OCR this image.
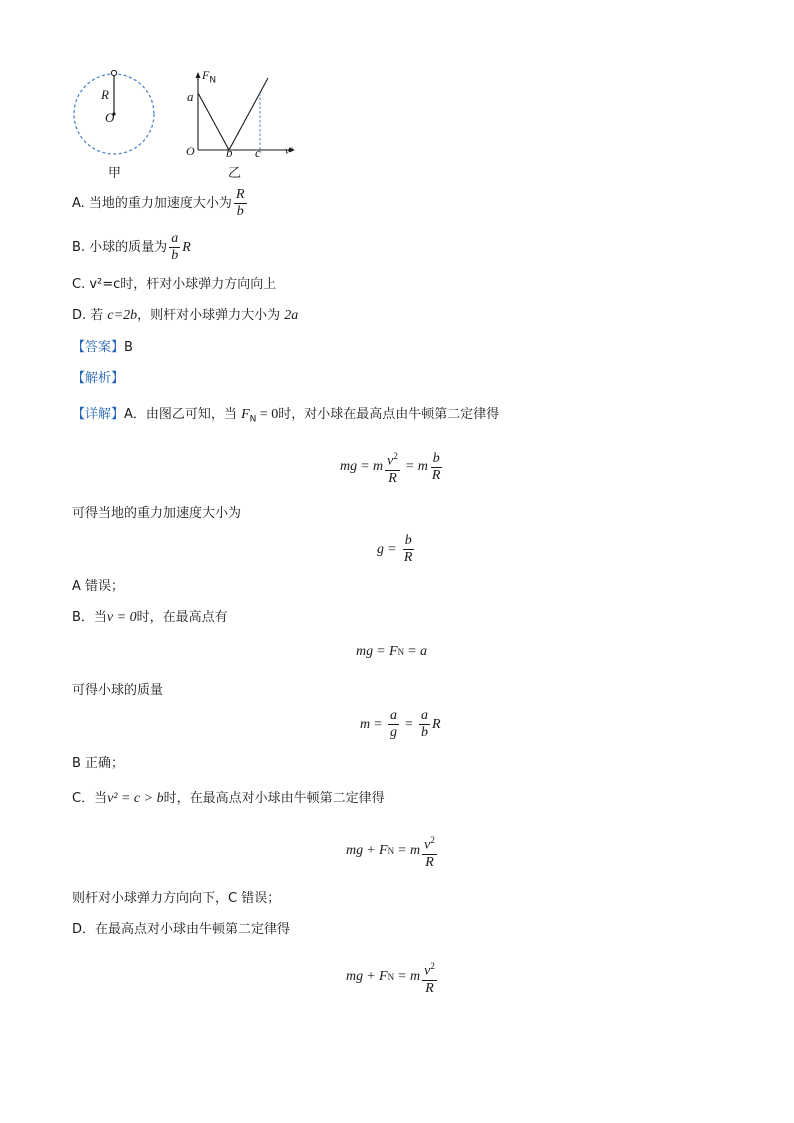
R
O
甲
$F_N$
a
O b c v²
乙
A. 当地的重力加速度大小为 $\frac{R}{b}$
B. 小球的质量为 $\frac{a}{b}$ R
C. v²=c时，杆对小球弹力方向向上
D. 若 c=2b，则杆对小球弹力大小为 2a
【答案】B
【解析】
【详解】A．由图乙可知，当 $F_N = 0$时，对小球在最高点由牛顿第二定律得
mg = m $\frac{v^2}{R} = m \frac{b}{R}$
可得当地的重力加速度大小为
$g = \frac{b}{R}$
A 错误；
B．当v = 0时，在最高点有
mg = F N = a
可得小球的质量
$m = \frac{a}{g} = \frac{a}{b}$ R
B 正确；
C．当v² = c > b时，在最高点对小球由牛顿第二定律得
mg + F N = m $\frac{v^2}{R}$
则杆对小球弹力方向向下，C 错误；
D．在最高点对小球由牛顿第二定律得
mg + F N = m $\frac{v^2}{R}$
